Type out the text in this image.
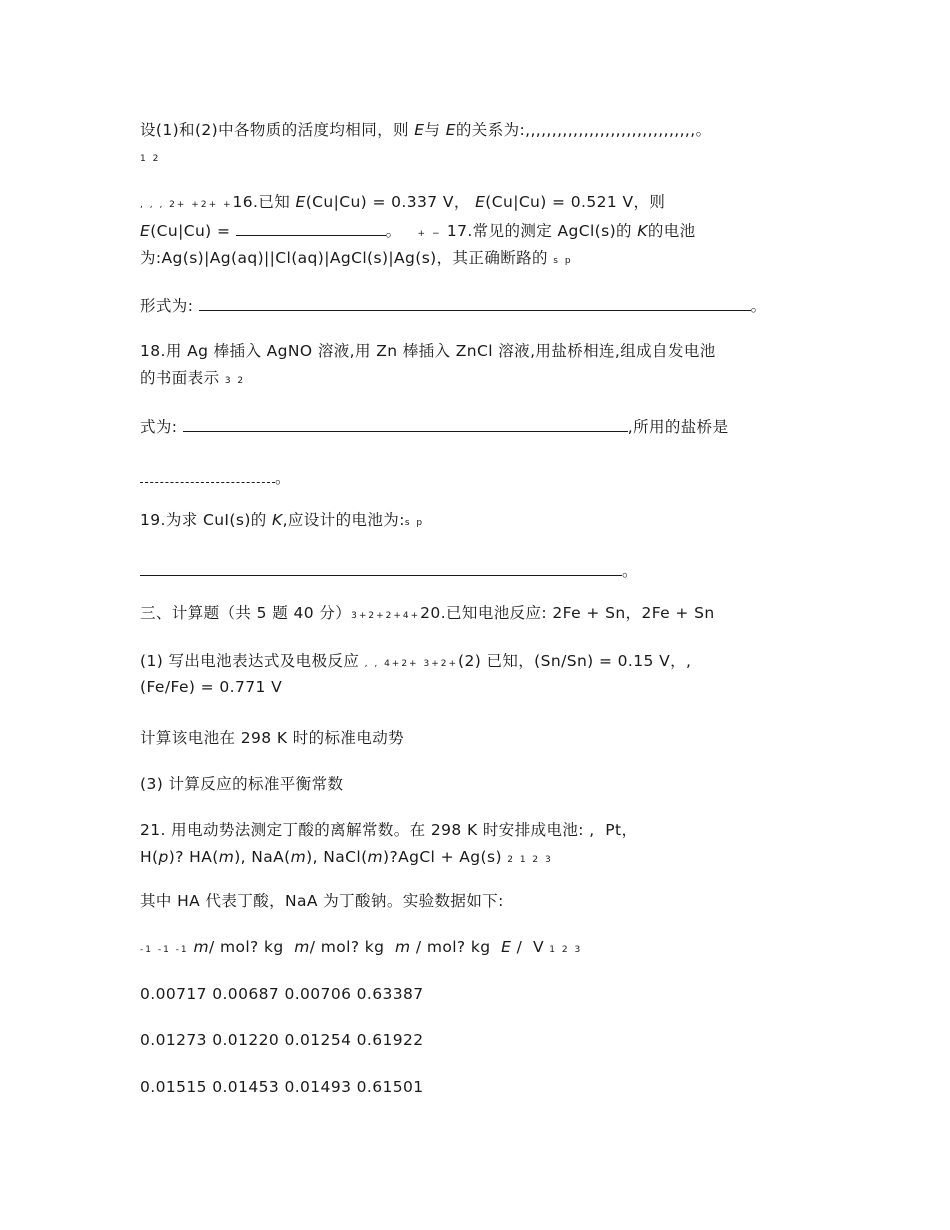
设(1)和(2)中各物质的活度均相同，则 E与 E的关系为:,,,,,,,,,,,,,,,,,,,,,,,,,,,,,,,,。
1 2
, , , 2+ +2+ +16.已知 E(Cu|Cu) = 0.337 V， E(Cu|Cu) = 0.521 V，则
E(Cu|Cu) =	。 + − 17.常见的测定 AgCl(s)的 K的电池
为:Ag(s)|Ag(aq)||Cl(aq)|AgCl(s)|Ag(s)，其正确断路的 s p
形式为:	。
18.用 Ag 棒插入 AgNO 溶液,用 Zn 棒插入 ZnCl 溶液,用盐桥相连,组成自发电池
的书面表示 3 2
式为:	,所用的盐桥是
。
19.为求 CuI(s)的 K,应设计的电池为:s p
。
三、计算题（共 5 题 40 分）3+2+2+4+20.已知电池反应: 2Fe + Sn，2Fe + Sn
(1) 写出电池表达式及电极反应 , , 4+2+ 3+2+(2) 已知，(Sn/Sn) = 0.15 V，,
(Fe/Fe) = 0.771 V
计算该电池在 298 K 时的标准电动势
(3) 计算反应的标准平衡常数
21. 用电动势法测定丁酸的离解常数。在 298 K 时安排成电池: ,  Pt，
H(p)? HA(m), NaA(m), NaCl(m)?AgCl + Ag(s) 2 1 2 3
其中 HA 代表丁酸，NaA 为丁酸钠。实验数据如下:
-1 -1 -1 m/ mol? kg  m/ mol? kg  m / mol? kg  E /  V 1 2 3
0.00717 0.00687 0.00706 0.63387
0.01273 0.01220 0.01254 0.61922
0.01515 0.01453 0.01493 0.61501
